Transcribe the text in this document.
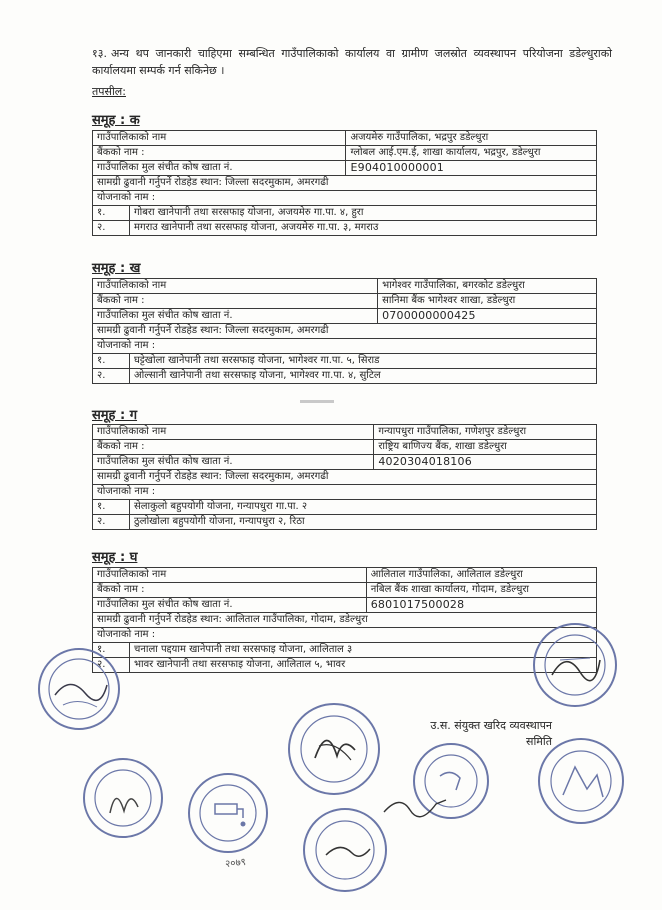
१३. अन्य थप जानकारी चाहिएमा सम्बन्धित गाउँपालिकाको कार्यालय वा ग्रामीण जलस्रोत व्यवस्थापन परियोजना डडेल्धुराको कार्यालयमा सम्पर्क गर्न सकिनेछ ।
तपसील:
समूह : क
गाउँपालिकाको नाम		अजयमेरु गाउँपालिका, भद्रपुर डडेल्धुरा
बैंकको नाम :		ग्लोबल आई.एम.ई, शाखा कार्यालय, भद्रपुर, डडेल्धुरा
गाउँपालिका मुल संचीत कोष खाता नं.		E904010000001
सामग्री ढुवानी गर्नुपर्ने रोडहेड स्थान: जिल्ला सदरमुकाम, अमरगढी		
योजनाको नाम :		
१.	गोबरा खानेपानी तथा सरसफाइ योजना, अजयमेरु गा.पा. ४, हुरा	
२.	मगराउ खानेपानी तथा सरसफाइ योजना, अजयमेरु गा.पा. ३, मगराउ	
समूह : ख
गाउँपालिकाको नाम		भागेश्वर गाउँपालिका, बगरकोट डडेल्धुरा
बैंकको नाम :		सानिमा बैंक भागेश्वर शाखा, डडेल्धुरा
गाउँपालिका मुल संचीत कोष खाता नं.		0700000000425
सामग्री ढुवानी गर्नुपर्ने रोडहेड स्थान: जिल्ला सदरमुकाम, अमरगढी		
योजनाको नाम :		
१.	घट्टेखोला खानेपानी तथा सरसफाइ योजना, भागेश्वर गा.पा. ५, सिराड	
२.	ओल्सानी खानेपानी तथा सरसफाइ योजना, भागेश्वर गा.पा. ४, सुटिल	
समूह : ग
गाउँपालिकाको नाम		गन्यापधुरा गाउँपालिका, गणेशपुर डडेल्धुरा
बैंकको नाम :		राष्ट्रिय बाणिज्य बैंक, शाखा डडेल्धुरा
गाउँपालिका मुल संचीत कोष खाता नं.		4020304018106
सामग्री ढुवानी गर्नुपर्ने रोडहेड स्थान: जिल्ला सदरमुकाम, अमरगढी		
योजनाको नाम :		
१.	सेलाकुलो बहुपयोगी योजना, गन्यापधुरा गा.पा. २	
२.	ठुलोखोला बहुपयोगी योजना, गन्यापधुरा २, रिठा	
समूह : घ
गाउँपालिकाको नाम		आलिताल गाउँपालिका, आलिताल डडेल्धुरा
बैंकको नाम :		नबिल बैंक शाखा कार्यालय, गोदाम, डडेल्धुरा
गाउँपालिका मुल संचीत कोष खाता नं.		6801017500028
सामग्री ढुवानी गर्नुपर्ने रोडहेड स्थान: आलिताल गाउँपालिका, गोदाम, डडेल्धुरा		
योजनाको नाम :		
१.	चनाला पद्दयाम खानेपानी तथा सरसफाइ योजना, आलिताल ३	
२.	भावर खानेपानी तथा सरसफाइ योजना, आलिताल ५, भावर	
उ.स. संयुक्त खरिद व्यवस्थापन
समिति
२०७९
